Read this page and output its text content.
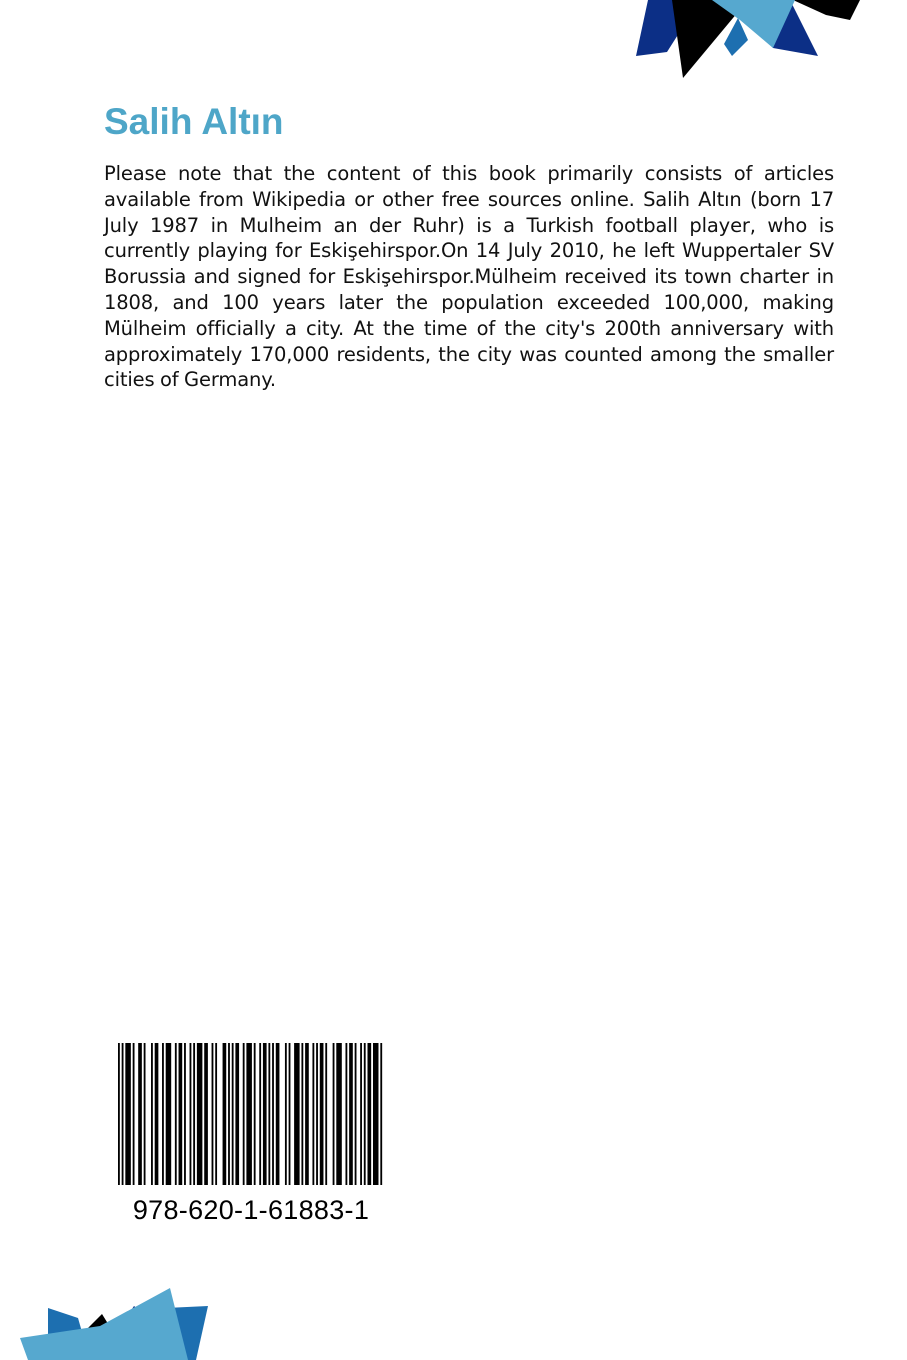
Salih Altın

Please note that the content of this book primarily consists of articles available from Wikipedia or other free sources online. Salih Altın (born 17 July 1987 in Mulheim an der Ruhr) is a Turkish football player, who is currently playing for Eskişehirspor.On 14 July 2010, he left Wuppertaler SV Borussia and signed for Eskişehirspor.Mülheim received its town charter in 1808, and 100 years later the population exceeded 100,000, making Mülheim officially a city. At the time of the city's 200th anniversary with approximately 170,000 residents, the city was counted among the smaller cities of Germany.

978-620-1-61883-1
